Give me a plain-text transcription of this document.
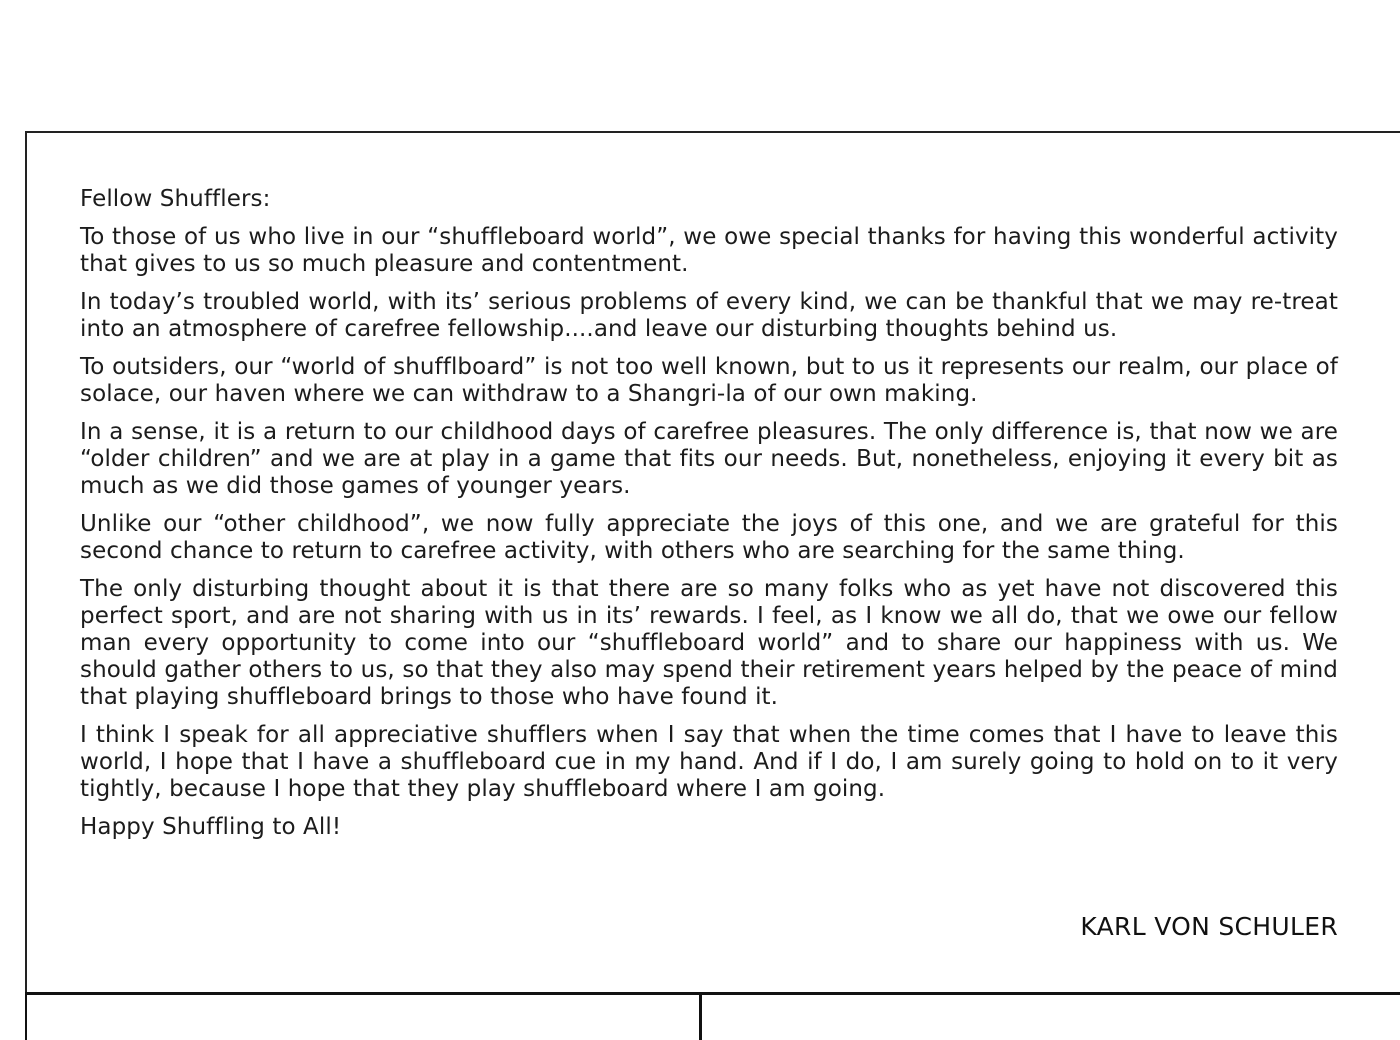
Fellow Shufflers:

To those of us who live in our “shuffleboard world”, we owe special thanks for having this wonderful activity that gives to us so much pleasure and contentment.

In today’s troubled world, with its’ serious problems of every kind, we can be thankful that we may re-treat into an atmosphere of carefree fellowship....and leave our disturbing thoughts behind us.

To outsiders, our “world of shufflboard” is not too well known, but to us it represents our realm, our place of solace, our haven where we can withdraw to a Shangri-la of our own making.

In a sense, it is a return to our childhood days of carefree pleasures. The only difference is, that now we are “older children” and we are at play in a game that fits our needs. But, nonetheless, enjoying it every bit as much as we did those games of younger years.

Unlike our “other childhood”, we now fully appreciate the joys of this one, and we are grateful for this second chance to return to carefree activity, with others who are searching for the same thing.

The only disturbing thought about it is that there are so many folks who as yet have not discovered this perfect sport, and are not sharing with us in its’ rewards. I feel, as I know we all do, that we owe our fellow man every opportunity to come into our “shuffleboard world” and to share our happiness with us. We should gather others to us, so that they also may spend their retirement years helped by the peace of mind that playing shuffleboard brings to those who have found it.

I think I speak for all appreciative shufflers when I say that when the time comes that I have to leave this world, I hope that I have a shuffleboard cue in my hand. And if I do, I am surely going to hold on to it very tightly, because I hope that they play shuffleboard where I am going.

Happy Shuffling to All!

KARL VON SCHULER
